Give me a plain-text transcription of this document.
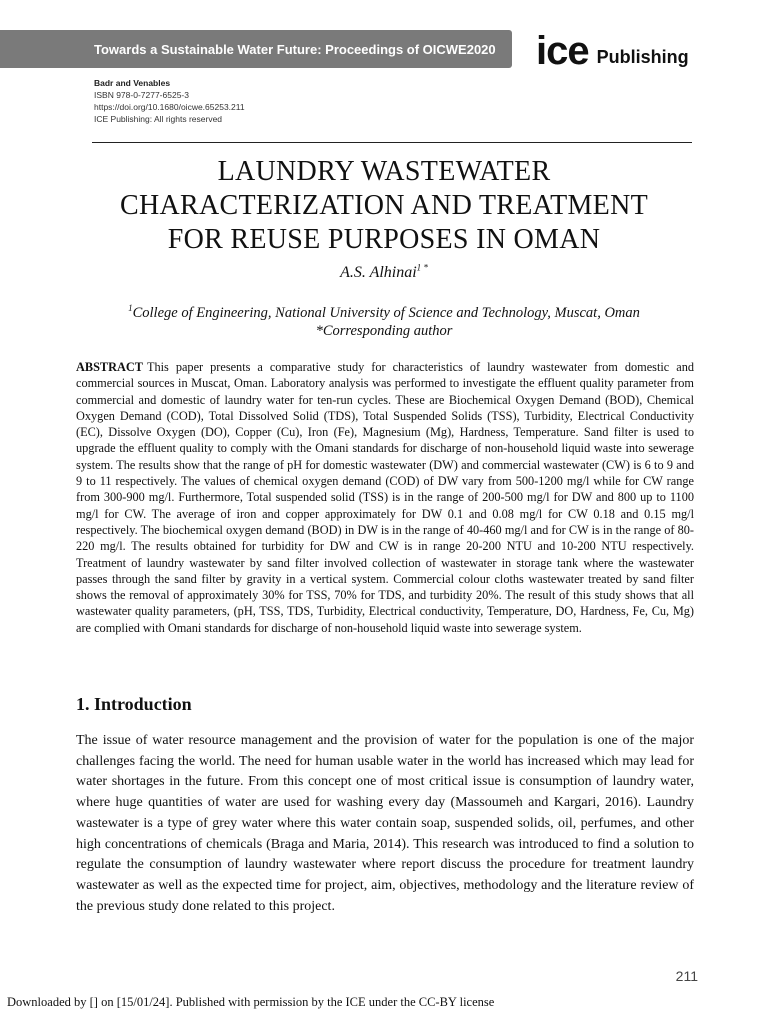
Towards a Sustainable Water Future: Proceedings of OICWE2020 ice Publishing
Badr and Venables
ISBN 978-0-7277-6525-3
https://doi.org/10.1680/oicwe.65253.211
ICE Publishing: All rights reserved
LAUNDRY WASTEWATER
CHARACTERIZATION AND TREATMENT
FOR REUSE PURPOSES IN OMAN
A.S. Alhinai$^{1 *}$
$^1$College of Engineering, National University of Science and Technology, Muscat, Oman
*Corresponding author
ABSTRACT This paper presents a comparative study for characteristics of laundry wastewater from domestic and commercial sources in Muscat, Oman. Laboratory analysis was performed to investigate the effluent quality parameter from commercial and domestic of laundry water for ten-run cycles. These are Biochemical Oxygen Demand (BOD), Chemical Oxygen Demand (COD), Total Dissolved Solid (TDS), Total Suspended Solids (TSS), Turbidity, Electrical Conductivity (EC), Dissolve Oxygen (DO), Copper (Cu), Iron (Fe), Magnesium (Mg), Hardness, Temperature. Sand filter is used to upgrade the effluent quality to comply with the Omani standards for discharge of non-household liquid waste into sewerage system. The results show that the range of pH for domestic wastewater (DW) and commercial wastewater (CW) is 6 to 9 and 9 to 11 respectively. The values of chemical oxygen demand (COD) of DW vary from 500-1200 mg/l while for CW range from 300-900 mg/l. Furthermore, Total suspended solid (TSS) is in the range of 200-500 mg/l for DW and 800 up to 1100 mg/l for CW. The average of iron and copper approximately for DW 0.1 and 0.08 mg/l for CW 0.18 and 0.15 mg/l respectively. The biochemical oxygen demand (BOD) in DW is in the range of 40-460 mg/l and for CW is in the range of 80-220 mg/l. The results obtained for turbidity for DW and CW is in range 20-200 NTU and 10-200 NTU respectively. Treatment of laundry wastewater by sand filter involved collection of wastewater in storage tank where the wastewater passes through the sand filter by gravity in a vertical system. Commercial colour cloths wastewater treated by sand filter shows the removal of approximately 30% for TSS, 70% for TDS, and turbidity 20%. The result of this study shows that all wastewater quality parameters, (pH, TSS, TDS, Turbidity, Electrical conductivity, Temperature, DO, Hardness, Fe, Cu, Mg) are complied with Omani standards for discharge of non-household liquid waste into sewerage system.
1. Introduction
The issue of water resource management and the provision of water for the population is one of the major challenges facing the world. The need for human usable water in the world has increased which may lead for water shortages in the future. From this concept one of most critical issue is consumption of laundry water, where huge quantities of water are used for washing every day (Massoumeh and Kargari, 2016). Laundry wastewater is a type of grey water where this water contain soap, suspended solids, oil, perfumes, and other high concentrations of chemicals (Braga and Maria, 2014). This research was introduced to find a solution to regulate the consumption of laundry wastewater where report discuss the procedure for treatment laundry wastewater as well as the expected time for project, aim, objectives, methodology and the literature review of the previous study done related to this project.
211
Downloaded by [] on [15/01/24]. Published with permission by the ICE under the CC-BY license
